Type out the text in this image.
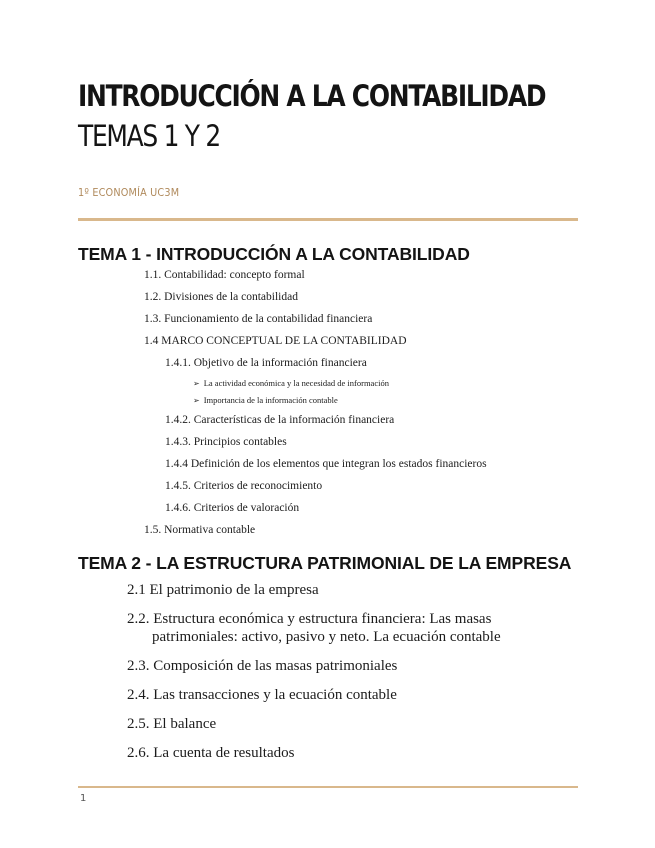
INTRODUCCIÓN A LA CONTABILIDAD
TEMAS 1 Y 2
1º ECONOMÍA UC3M
TEMA 1 - INTRODUCCIÓN A LA CONTABILIDAD
1.1. Contabilidad: concepto formal
1.2. Divisiones de la contabilidad
1.3. Funcionamiento de la contabilidad financiera
1.4 MARCO CONCEPTUAL DE LA CONTABILIDAD
1.4.1. Objetivo de la información financiera
➢ La actividad económica y la necesidad de información
➢ Importancia de la información contable
1.4.2. Características de la información financiera
1.4.3. Principios contables
1.4.4 Definición de los elementos que integran los estados financieros
1.4.5. Criterios de reconocimiento
1.4.6. Criterios de valoración
1.5. Normativa contable
TEMA 2 - LA ESTRUCTURA PATRIMONIAL DE LA EMPRESA
2.1 El patrimonio de la empresa
2.2. Estructura económica y estructura financiera: Las masas
patrimoniales: activo, pasivo y neto. La ecuación contable
2.3. Composición de las masas patrimoniales
2.4. Las transacciones y la ecuación contable
2.5. El balance
2.6. La cuenta de resultados
1
